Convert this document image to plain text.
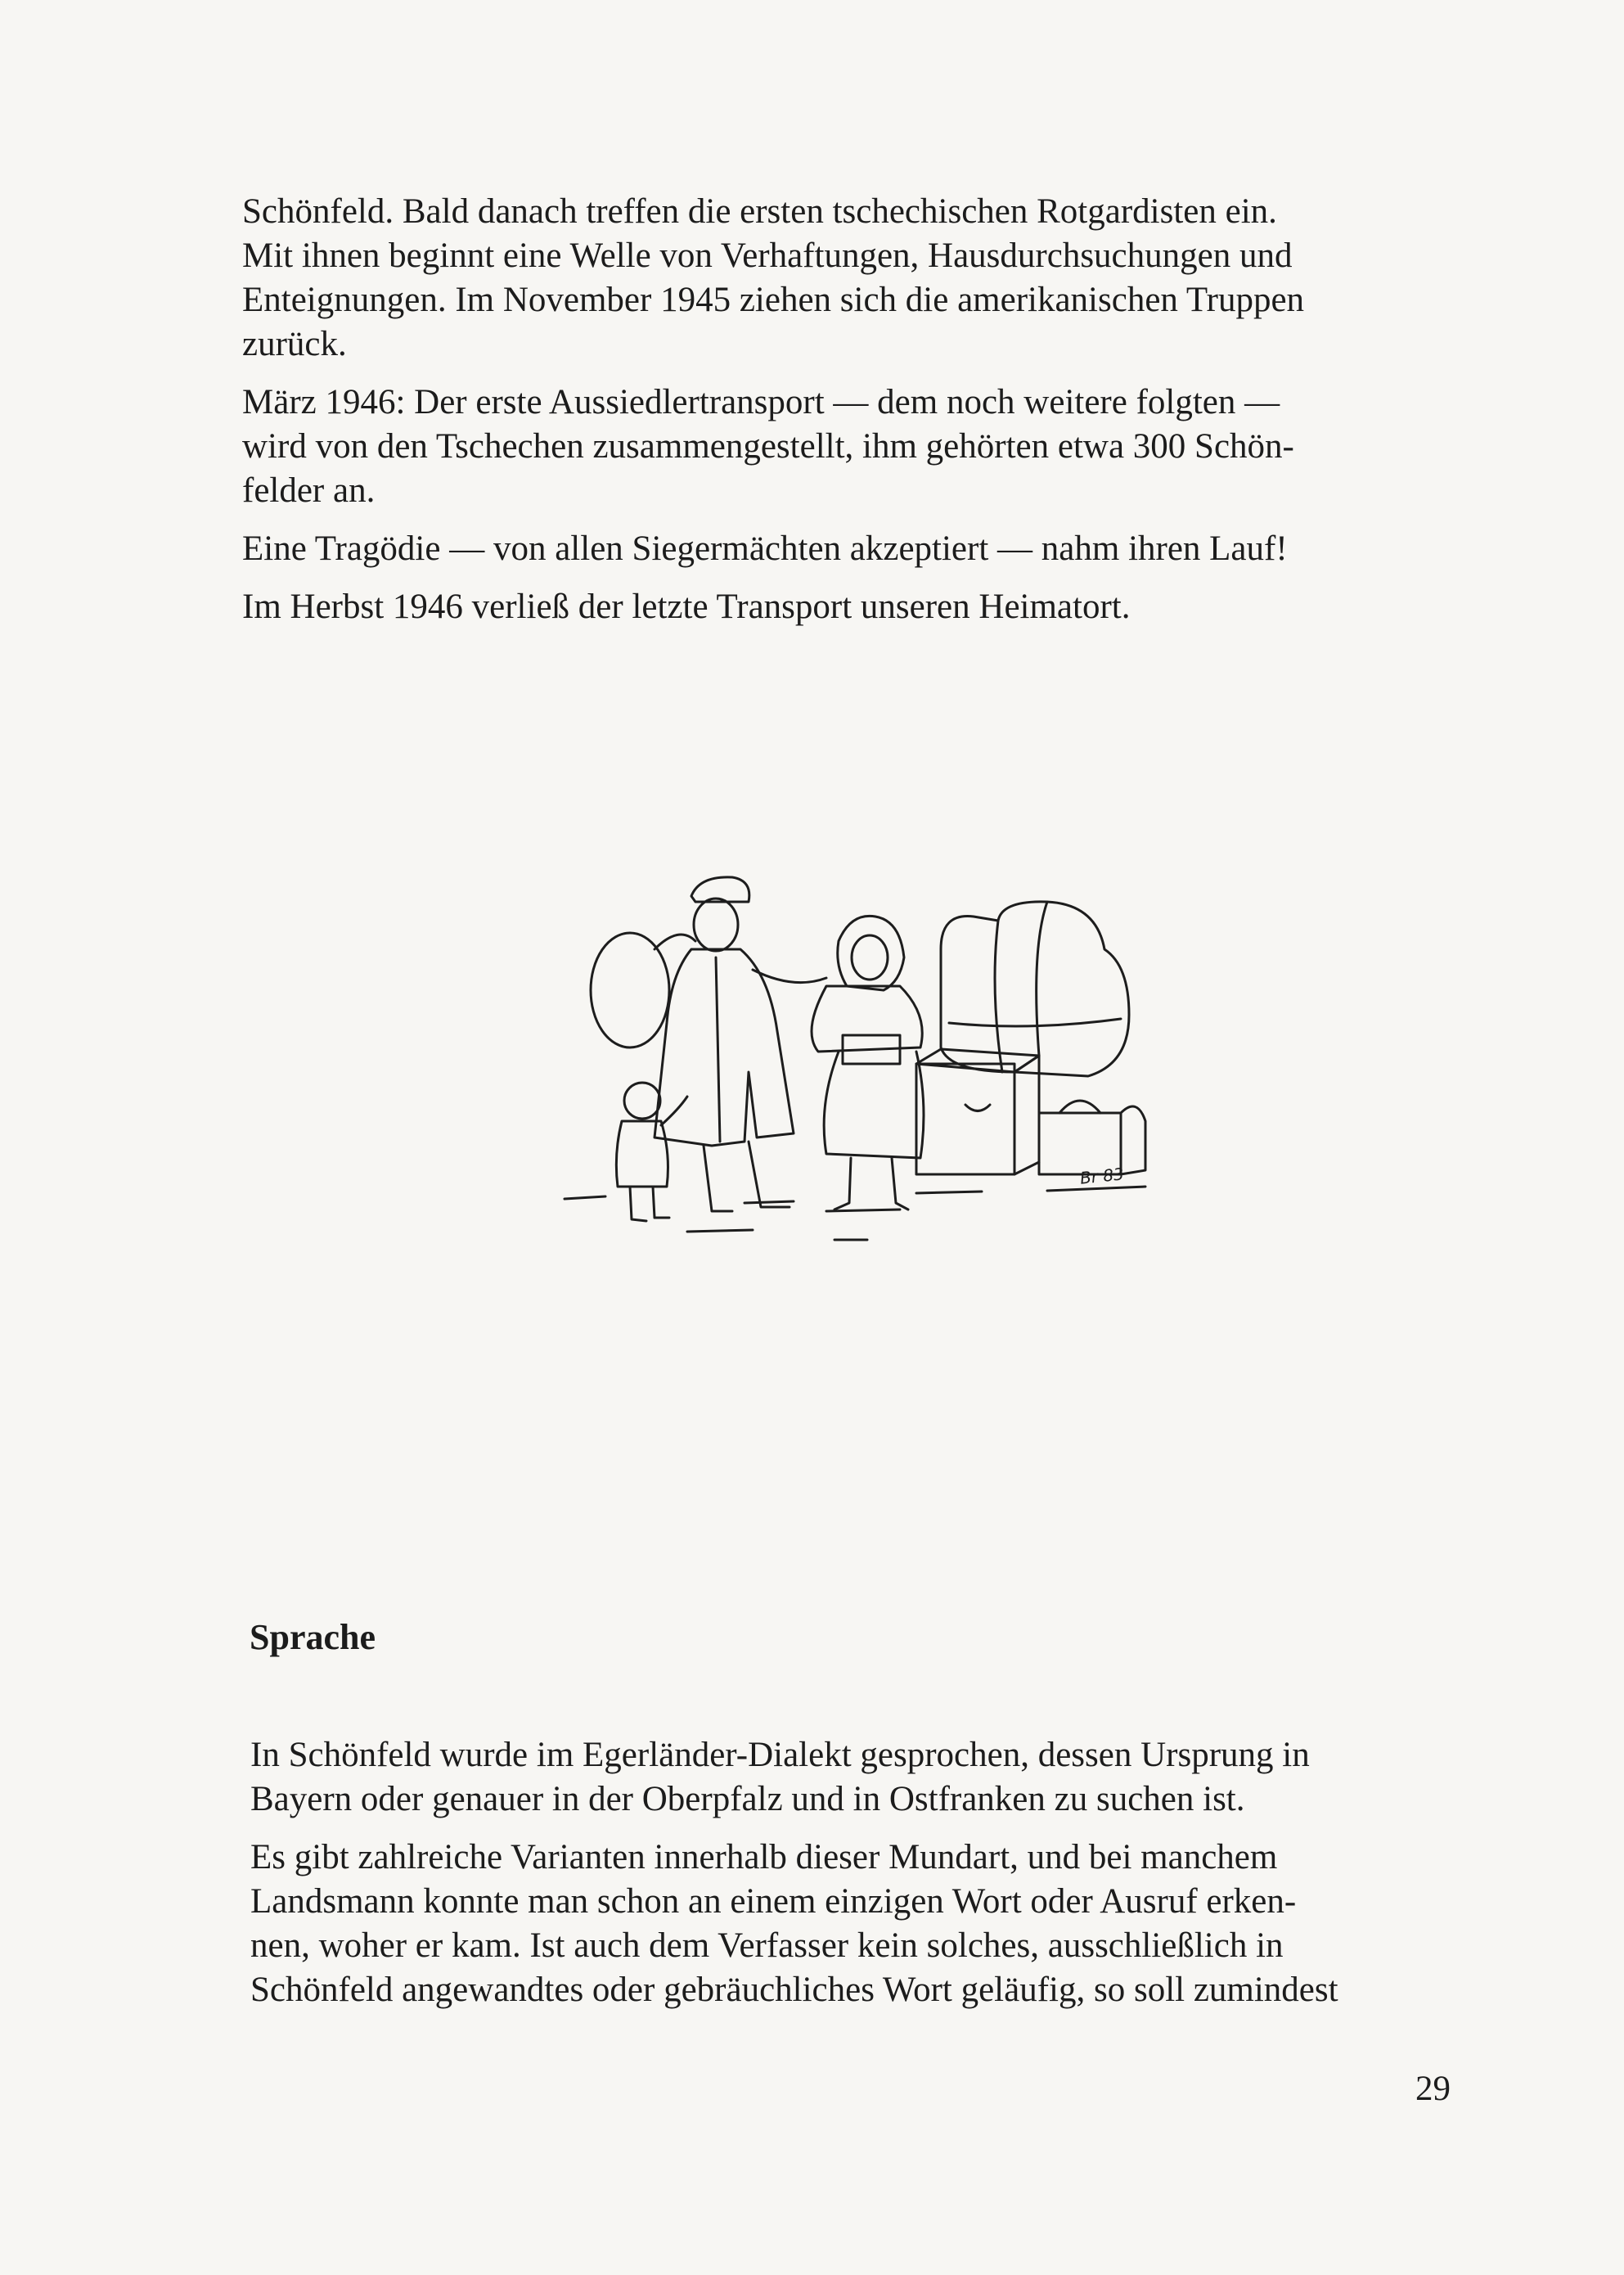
Schönfeld. Bald danach treffen die ersten tschechischen Rotgardisten ein.
Mit ihnen beginnt eine Welle von Verhaftungen, Hausdurchsuchungen und
Enteignungen. Im November 1945 ziehen sich die amerikanischen Truppen
zurück.

März 1946: Der erste Aussiedlertransport — dem noch weitere folgten —
wird von den Tschechen zusammengestellt, ihm gehörten etwa 300 Schön-
felder an.

Eine Tragödie — von allen Siegermächten akzeptiert — nahm ihren Lauf!

Im Herbst 1946 verließ der letzte Transport unseren Heimatort.

Br 83
Sprache

In Schönfeld wurde im Egerländer-Dialekt gesprochen, dessen Ursprung in
Bayern oder genauer in der Oberpfalz und in Ostfranken zu suchen ist.

Es gibt zahlreiche Varianten innerhalb dieser Mundart, und bei manchem
Landsmann konnte man schon an einem einzigen Wort oder Ausruf erken-
nen, woher er kam. Ist auch dem Verfasser kein solches, ausschließlich in
Schönfeld angewandtes oder gebräuchliches Wort geläufig, so soll zumindest

29
